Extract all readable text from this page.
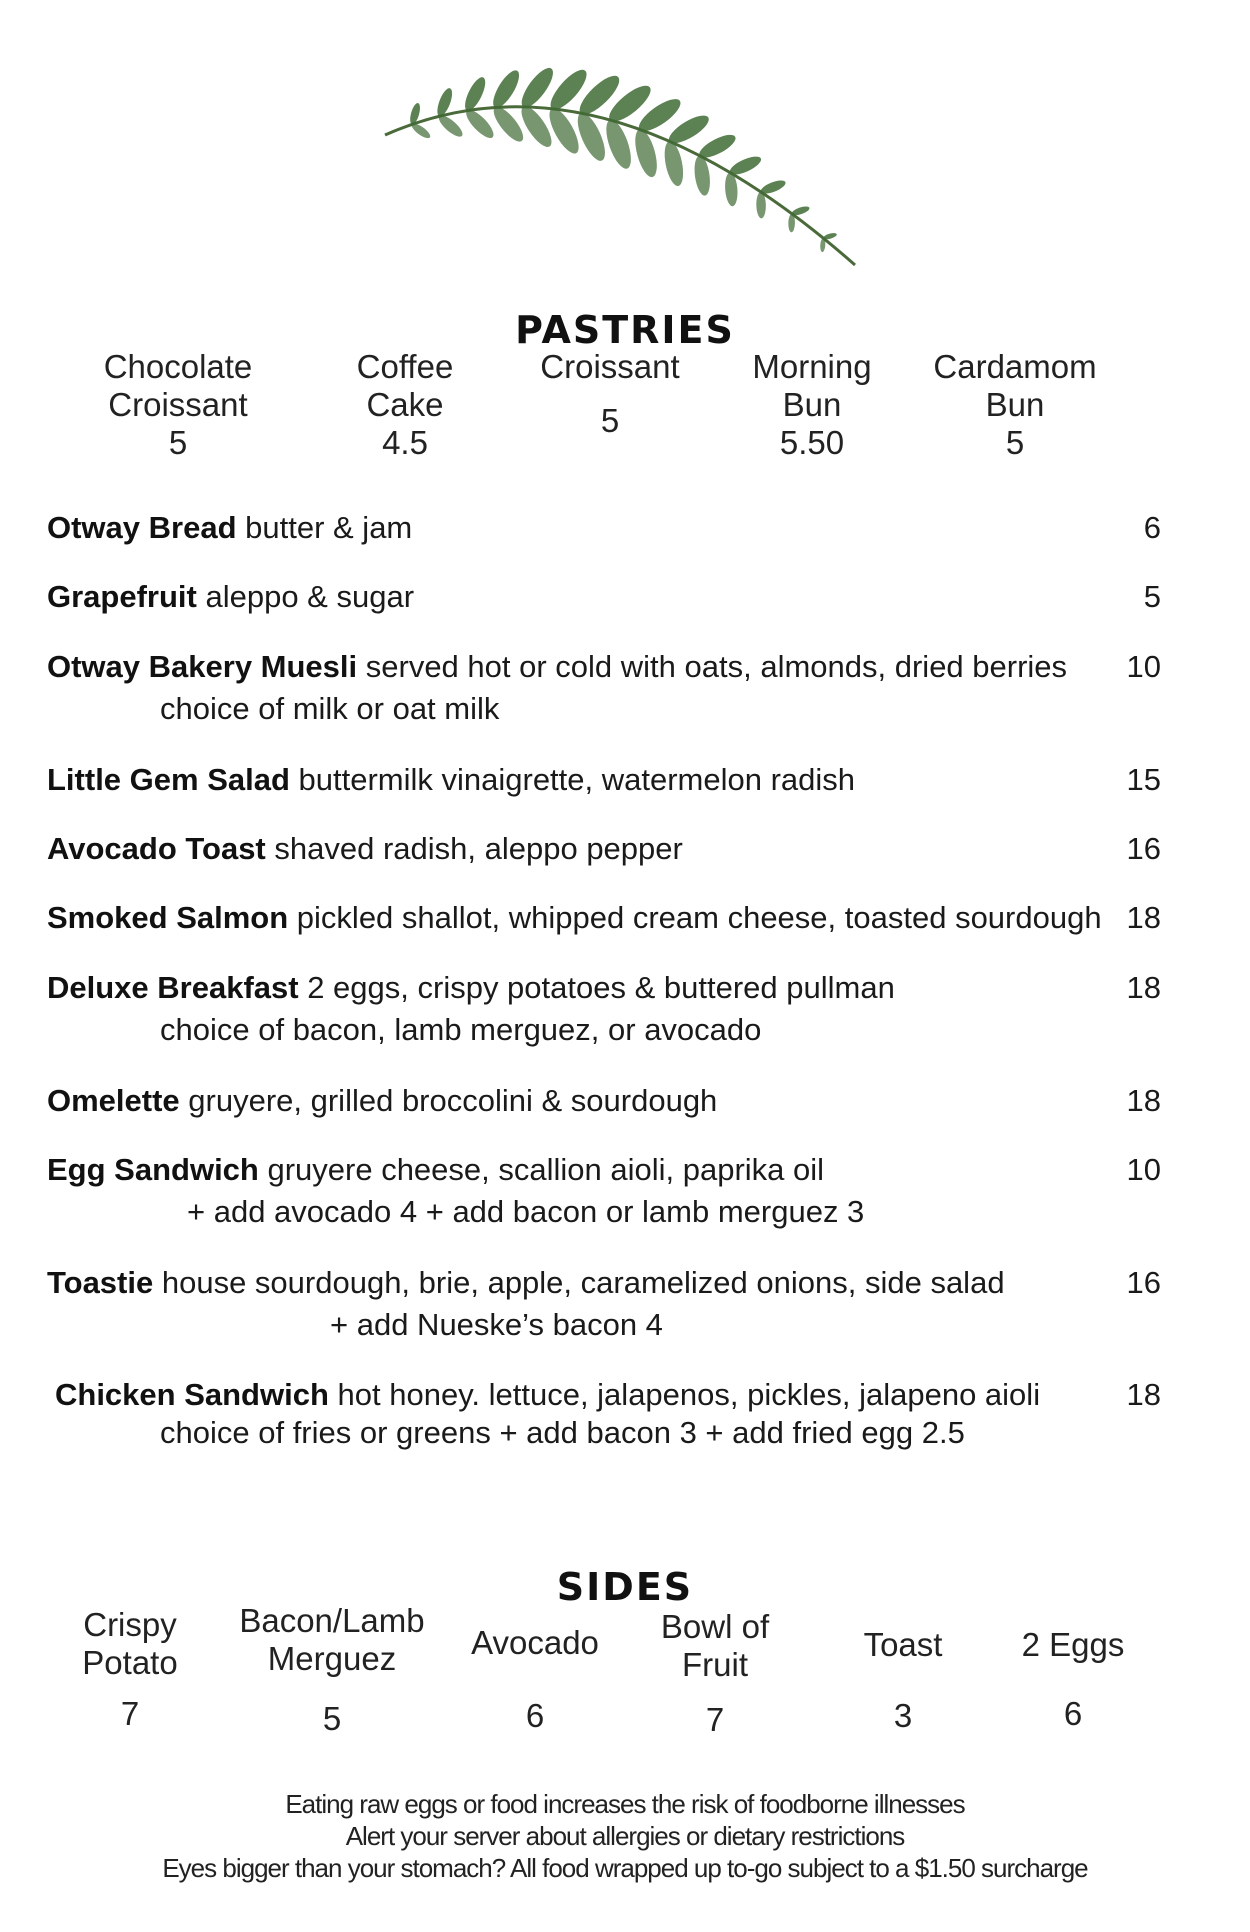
PASTRIES
Chocolate
Croissant
5
Coffee
Cake
4.5
Croissant
5
Morning
Bun
5.50
Cardamom
Bun
5
Otway Bread butter & jam	6
Grapefruit aleppo & sugar	5
Otway Bakery Muesli served hot or cold with oats, almonds, dried berries 10
choice of milk or oat milk
Little Gem Salad buttermilk vinaigrette, watermelon radish	15
Avocado Toast shaved radish, aleppo pepper	16
Smoked Salmon pickled shallot, whipped cream cheese, toasted sourdough 18
Deluxe Breakfast 2 eggs, crispy potatoes & buttered pullman	18
choice of bacon, lamb merguez, or avocado
Omelette gruyere, grilled broccolini & sourdough	18
Egg Sandwich gruyere cheese, scallion aioli, paprika oil	10
+ add avocado 4 + add bacon or lamb merguez 3
Toastie house sourdough, brie, apple, caramelized onions, side salad	16
+ add Nueske’s bacon 4
Chicken Sandwich hot honey. lettuce, jalapenos, pickles, jalapeno aioli	18
choice of fries or greens + add bacon 3 + add fried egg 2.5
SIDES
Crispy
Potato
7
Bacon/Lamb
Merguez
5
Avocado
6
Bowl of
Fruit
7
Toast
3
2 Eggs
6
Eating raw eggs or food increases the risk of foodborne illnesses
Alert your server about allergies or dietary restrictions
Eyes bigger than your stomach? All food wrapped up to-go subject to a $1.50 surcharge
